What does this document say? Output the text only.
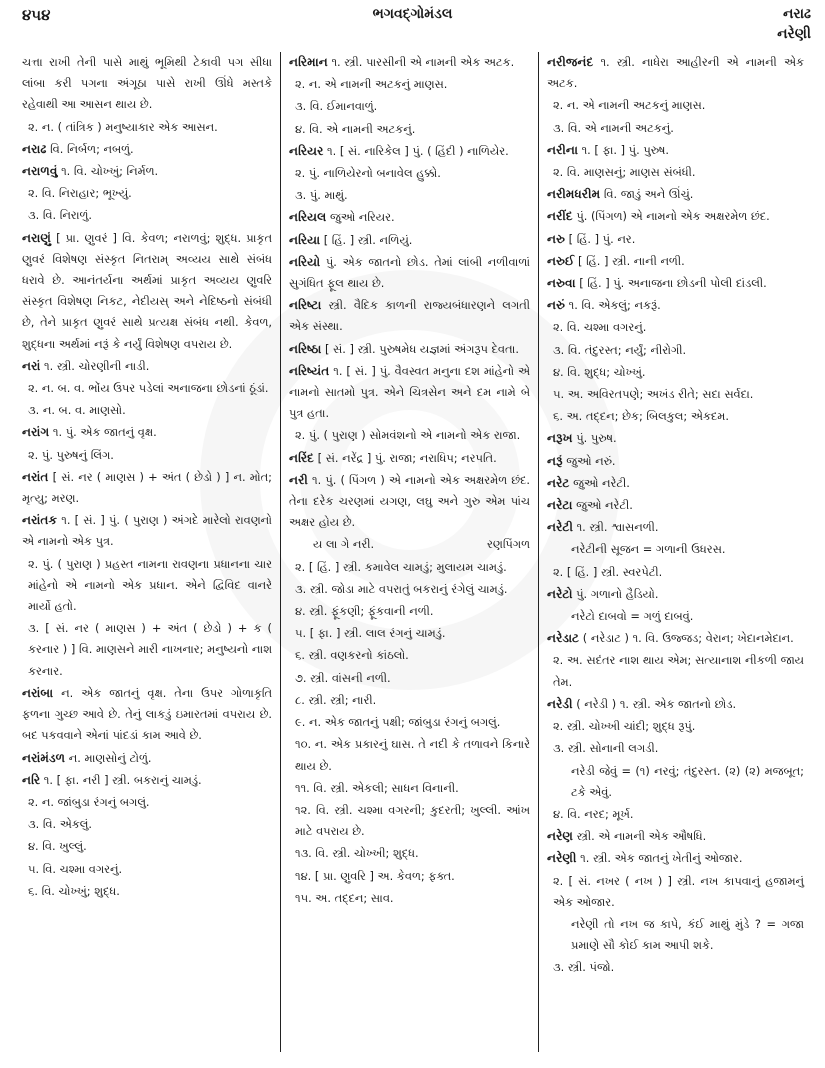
૪૫૪	ભગવદ્ગોમંડલ	નરાઢ
નરેણી
ચત્તા રાખી તેની પાસે માથું ભૂમિથી ટેકાવી પગ સીધા લાંબા કરી પગના અંગૂઠા પાસે રાખી ઊંધે મસ્તકે રહેવાથી આ આસન થાય છે.
૨. ન. ( તાંત્રિક ) મનુષ્યાકાર એક આસન.
નરાઢ વિ. નિર્બળ; નબળું.
નરાળવું ૧. વિ. ચોખ્ખું; નિર્મળ.
૨. વિ. નિરાહાર; ભૂખ્યું.
૩. વિ. નિરાળું.
નરાણું [ પ્રા. ણુવરં ] વિ. કેવળ; નરાળવું; શુદ્ધ. પ્રાકૃત ણુવરં વિશેષણ સંસ્કૃત નિતરામ્ અવ્યય સાથે સંબંધ ધરાવે છે. આનંતર્યના અર્થમાં પ્રાકૃત અવ્યય ણુવરિ સંસ્કૃત વિશેષણ નિકટ, નેદીયસ્ અને નેદિષ્ઠનો સંબંધી છે, તેને પ્રાકૃત ણુવરં સાથે પ્રત્યક્ષ સંબંધ નથી. કેવળ, શુદ્ધના અર્થમાં નરૂં કે નર્યું વિશેષણ વપરાય છે.
નરાં ૧. સ્ત્રી. ચોરણીની નાડી.
૨. ન. બ. વ. ભોંય ઉપર પડેલાં અનાજના છોડનાં ઠૂંડાં.
૩. ન. બ. વ. માણસો.
નરાંગ ૧. પું. એક જાતનું વૃક્ષ.
૨. પું. પુરુષનું લિંગ.
નરાંત [ સં. નર ( માણસ ) + અંત ( છેડો ) ] ન. મોત; મૃત્યુ; મરણ.
નરાંતક ૧. [ સં. ] પું. ( પુરાણ ) અંગદે મારેલો રાવણનો એ નામનો એક પુત્ર.
૨. પું. ( પુરાણ ) પ્રહસ્ત નામના રાવણના પ્રધાનના ચાર માંહેનો એ નામનો એક પ્રધાન. એને દ્વિવિદ વાનરે માર્યો હતો.
૩. [ સં. નર ( માણસ ) + અંત ( છેડો ) + ક ( કરનાર ) ] વિ. માણસને મારી નાખનાર; મનુષ્યનો નાશ કરનાર.
નરાંબા ન. એક જાતનું વૃક્ષ. તેના ઉપર ગોળાકૃતિ ફળના ગુચ્છ આવે છે. તેનું લાકડું ઇમારતમાં વપરાય છે. બદ પકવવાને એનાં પાંદડાં કામ આવે છે.
નરાંમંડળ ન. માણસોનું ટોળું.
નરિ ૧. [ ફા. નરી ] સ્ત્રી. બકરાનું ચામડું.
૨. ન. જાંબુડા રંગનું બગલું.
૩. વિ. એકલું.
૪. વિ. ખુલ્લું.
૫. વિ. ચશ્મા વગરનું.
૬. વિ. ચોખ્ખું; શુદ્ધ.
નરિમાન ૧. સ્ત્રી. પારસીની એ નામની એક અટક.
૨. ન. એ નામની અટકનું માણસ.
૩. વિ. ઈમાનવાળું.
૪. વિ. એ નામની અટકનું.
નરિયર ૧. [ સં. નારિકેલ ] પું. ( હિંદી ) નાળિયેર.
૨. પું. નાળિયેરનો બનાવેલ હુક્કો.
૩. પું. માથું.
નરિયલ જુઓ નરિયર.
નરિયા [ હિં. ] સ્ત્રી. નળિયું.
નરિયો પું. એક જાતનો છોડ. તેમાં લાંબી નળીવાળાં સુગંધિત ફૂલ થાય છે.
નરિષ્ટા સ્ત્રી. વૈદિક કાળની રાજ્યબંધારણને લગતી એક સંસ્થા.
નરિષ્ઠા [ સં. ] સ્ત્રી. પુરુષમેધ યજ્ઞમાં અંગરૂપ દેવતા.
નરિષ્યંત ૧. [ સં. ] પું. વૈવસ્વત મનુના દશ માંહેનો એ નામનો સાતમો પુત્ર. એને ચિત્રસેન અને દમ નામે બે પુત્ર હતા.
૨. પું. ( પુરાણ ) સોમવંશનો એ નામનો એક રાજા.
નરિંદ [ સં. નરેંદ્ર ] પું. રાજા; નરાધિપ; નરપતિ.
નરી ૧. પું. ( પિંગળ ) એ નામનો એક અક્ષરમેળ છંદ. તેના દરેક ચરણમાં યગણ, લઘુ અને ગુરુ એમ પાંચ અક્ષર હોય છે.
ય લા ગે નરી.	રણપિંગળ
૨. [ હિં. ] સ્ત્રી. કમાવેલ ચામડું; મુલાયમ ચામડું.
૩. સ્ત્રી. જોડા માટે વપરાતું બકરાનું રંગેલું ચામડું.
૪. સ્ત્રી. ફૂંકણી; ફૂંકવાની નળી.
૫. [ ફા. ] સ્ત્રી. લાલ રંગનું ચામડું.
૬. સ્ત્રી. વણકરનો કાંઠલો.
૭. સ્ત્રી. વાંસની નળી.
૮. સ્ત્રી. સ્ત્રી; નારી.
૯. ન. એક જાતનું પક્ષી; જાંબુડા રંગનું બગલું.
૧૦. ન. એક પ્રકારનું ઘાસ. તે નદી કે તળાવને કિનારે થાય છે.
૧૧. વિ. સ્ત્રી. એકલી; સાધન વિનાની.
૧૨. વિ. સ્ત્રી. ચશ્મા વગરની; કુદરતી; ખુલ્લી. આંખ માટે વપરાય છે.
૧૩. વિ. સ્ત્રી. ચોખ્ખી; શુદ્ધ.
૧૪. [ પ્રા. ણુવરિ ] અ. કેવળ; ફક્ત.
૧૫. અ. તદ્દન; સાવ.
નરીજનંદ ૧. સ્ત્રી. નાધેરા આહીરની એ નામની એક અટક.
૨. ન. એ નામની અટકનું માણસ.
૩. વિ. એ નામની અટકનું.
નરીના ૧. [ ફા. ] પું. પુરુષ.
૨. વિ. માણસનું; માણસ સંબંધી.
નરીમધરીમ વિ. જાડું અને ઊંચું.
નરીંદ પું. (પિંગળ) એ નામનો એક અક્ષરમેળ છંદ.
નરુ [ હિં. ] પું. નર.
નરુઈ [ હિં. ] સ્ત્રી. નાની નળી.
નરુવા [ હિં. ] પું. અનાજના છોડની પોલી દાંડલી.
નરું ૧. વિ. એકલું; નકરૂં.
૨. વિ. ચશ્મા વગરનું.
૩. વિ. તંદુરસ્ત; નર્યું; નીરોગી.
૪. વિ. શુદ્ધ; ચોખ્ખું.
૫. અ. અવિરતપણે; અખંડ રીતે; સદા સર્વદા.
૬. અ. તદ્દન; છેક; બિલકુલ; એકદમ.
નરૂખ પું. પુરુષ.
નરૂં જુઓ નરું.
નરેટ જુઓ નરેટી.
નરેટા જુઓ નરેટી.
નરેટી ૧. સ્ત્રી. શ્વાસનળી.
નરેટીની સૂજન = ગળાની ઉધરસ.
૨. [ હિં. ] સ્ત્રી. સ્વરપેટી.
નરેટો પું. ગળાનો હૈડિયો.
નરેટો દાબવો = ગળું દાબવું.
નરેડાટ ( નરેડાટ ) ૧. વિ. ઉજ્જડ; વેરાન; ખેદાનમેદાન.
૨. અ. સદંતર નાશ થાય એમ; સત્યાનાશ નીકળી જાય તેમ.
નરેડી ( નરેડી ) ૧. સ્ત્રી. એક જાતનો છોડ.
૨. સ્ત્રી. ચોખ્ખી ચાંદી; શુદ્ધ રૂપું.
૩. સ્ત્રી. સોનાની લગડી.
નરેડી જેવું = (૧) નરવું; તંદુરસ્ત. (૨) (૨) મજબૂત; ટકે એવું.
૪. વિ. નરદ; મૂર્ખ.
નરેણ સ્ત્રી. એ નામની એક ઔષધિ.
નરેણી ૧. સ્ત્રી. એક જાતનું ખેતીનું ઓજાર.
૨. [ સં. નખર ( નખ ) ] સ્ત્રી. નખ કાપવાનું હજામનું એક ઓજાર.
નરેણી તો નખ જ કાપે, કંઈ માથું મુંડે ? = ગજા પ્રમાણે સૌ કોઈ કામ આપી શકે.
૩. સ્ત્રી. પંજો.
